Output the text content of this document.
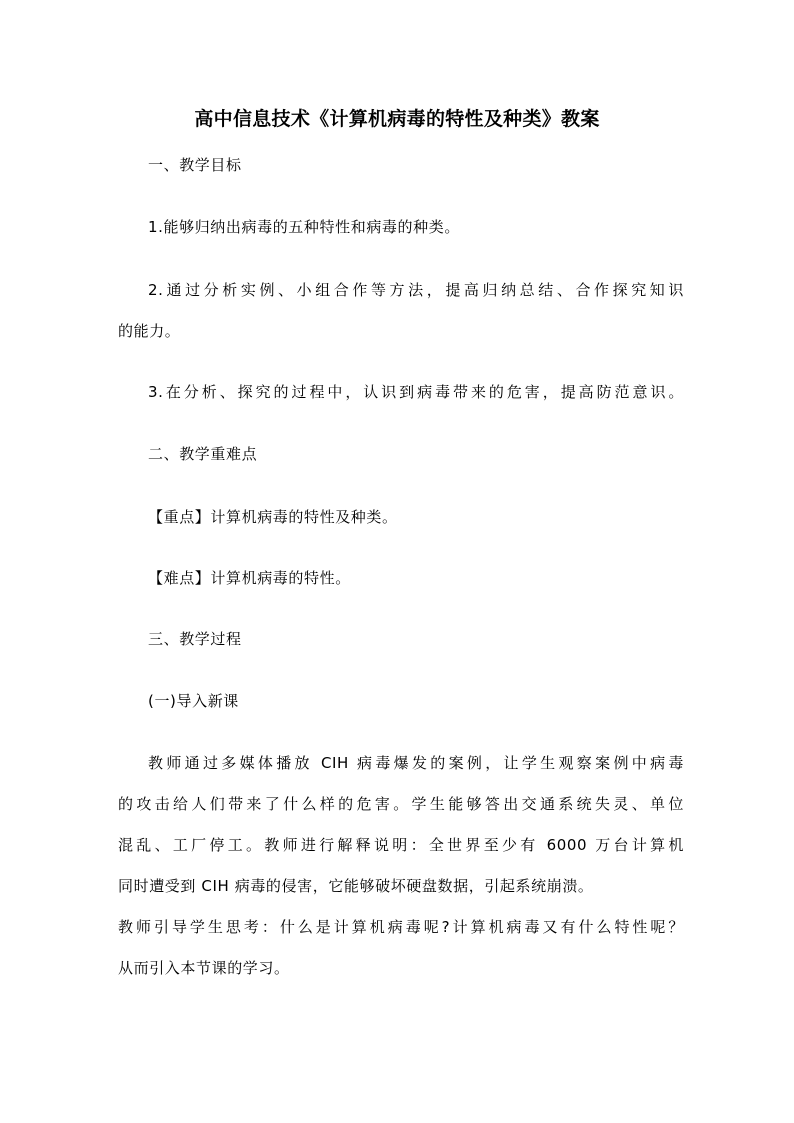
高中信息技术《计算机病毒的特性及种类》教案
一、教学目标
1.能够归纳出病毒的五种特性和病毒的种类。
2.通过分析实例、小组合作等方法，提高归纳总结、合作探究知识
的能力。
3.在分析、探究的过程中，认识到病毒带来的危害，提高防范意识。
二、教学重难点
【重点】计算机病毒的特性及种类。
【难点】计算机病毒的特性。
三、教学过程
(一)导入新课
教师通过多媒体播放 CIH 病毒爆发的案例，让学生观察案例中病毒
的攻击给人们带来了什么样的危害。学生能够答出交通系统失灵、单位
混乱、工厂停工。教师进行解释说明：全世界至少有 6000 万台计算机
同时遭受到 CIH 病毒的侵害，它能够破坏硬盘数据，引起系统崩溃。
教师引导学生思考：什么是计算机病毒呢?计算机病毒又有什么特性呢？
从而引入本节课的学习。
